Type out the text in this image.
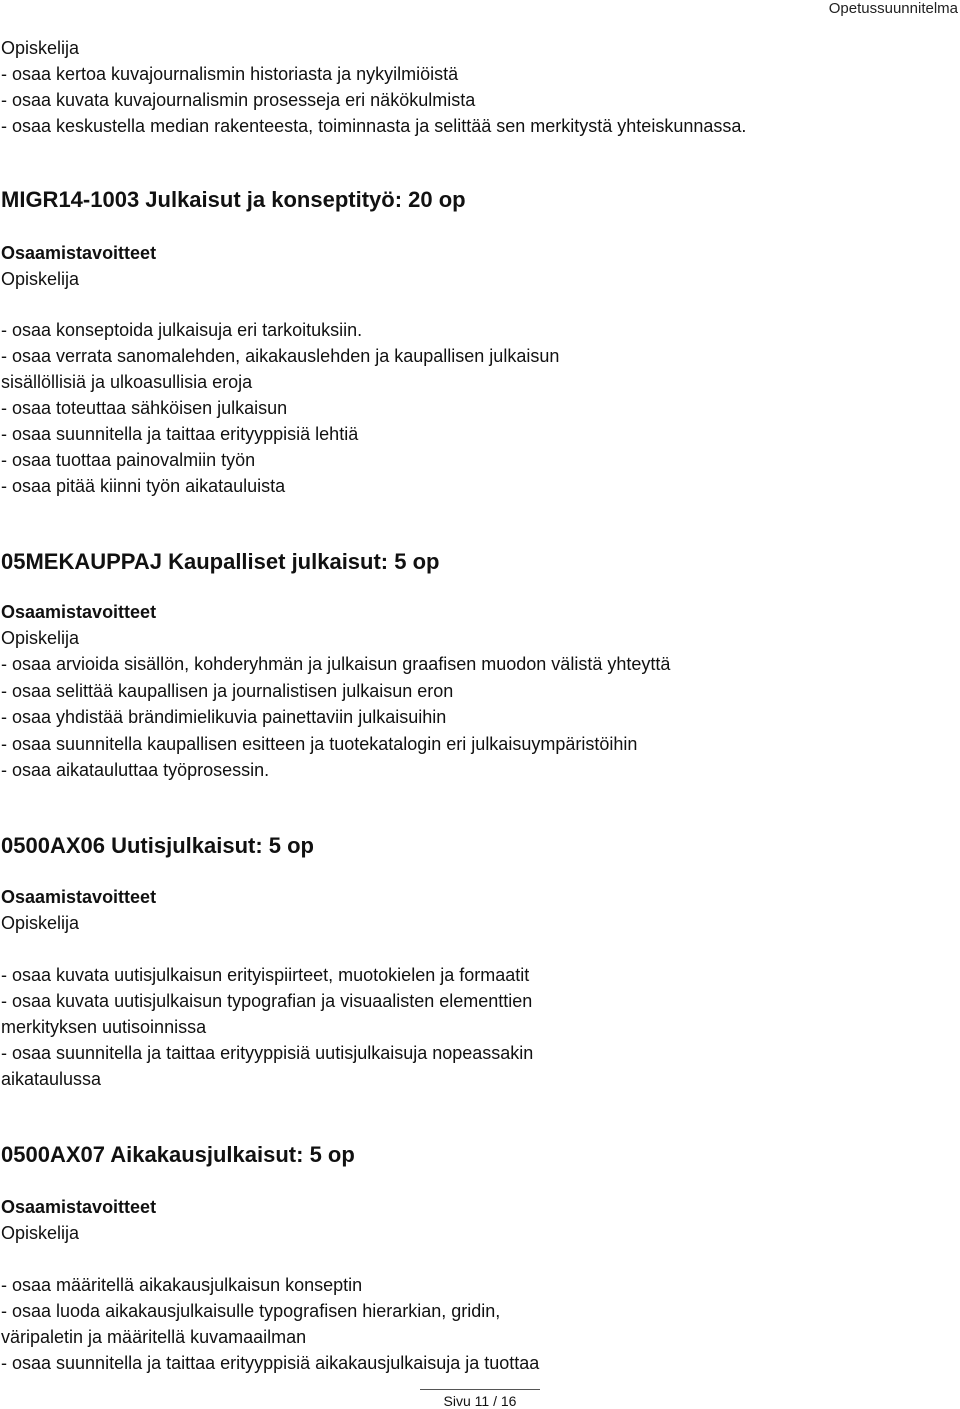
Opetussuunnitelma
Opiskelija
- osaa kertoa kuvajournalismin historiasta ja nykyilmiöistä
- osaa kuvata kuvajournalismin prosesseja eri näkökulmista
- osaa keskustella median rakenteesta, toiminnasta ja selittää sen merkitystä yhteiskunnassa.
MIGR14-1003 Julkaisut ja konseptityö: 20 op
Osaamistavoitteet
Opiskelija
- osaa konseptoida julkaisuja eri tarkoituksiin.
- osaa verrata sanomalehden, aikakauslehden ja kaupallisen julkaisun
sisällöllisiä ja ulkoasullisia eroja
- osaa toteuttaa sähköisen julkaisun
- osaa suunnitella ja taittaa erityyppisiä lehtiä
- osaa tuottaa painovalmiin työn
- osaa pitää kiinni työn aikatauluista
05MEKAUPPAJ Kaupalliset julkaisut: 5 op
Osaamistavoitteet
Opiskelija
- osaa arvioida sisällön, kohderyhmän ja julkaisun graafisen muodon välistä yhteyttä
- osaa selittää kaupallisen ja journalistisen julkaisun eron
- osaa yhdistää brändimielikuvia painettaviin julkaisuihin
- osaa suunnitella kaupallisen esitteen ja tuotekatalogin eri julkaisuympäristöihin
- osaa aikatauluttaa työprosessin.
0500AX06 Uutisjulkaisut: 5 op
Osaamistavoitteet
Opiskelija
- osaa kuvata uutisjulkaisun erityispiirteet, muotokielen ja formaatit
- osaa kuvata uutisjulkaisun typografian ja visuaalisten elementtien
merkityksen uutisoinnissa
- osaa suunnitella ja taittaa erityyppisiä uutisjulkaisuja nopeassakin
aikataulussa
0500AX07 Aikakausjulkaisut: 5 op
Osaamistavoitteet
Opiskelija
- osaa määritellä aikakausjulkaisun konseptin
- osaa luoda aikakausjulkaisulle typografisen hierarkian, gridin,
väripaletin ja määritellä kuvamaailman
- osaa suunnitella ja taittaa erityyppisiä aikakausjulkaisuja ja tuottaa
Sivu 11 / 16
